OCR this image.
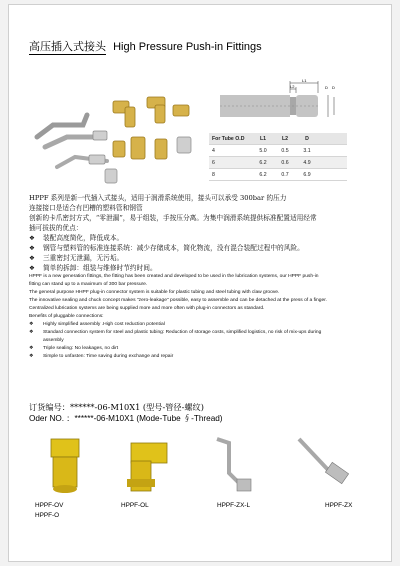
高压插入式接头 High Pressure Push-in Fittings
L1
L2	D D
For Tube O.D	L1	L2	D
4	5.0	0.5	3.1
6	6.2	0.6	4.9
8	6.2	0.7	6.9
HPPF 系列是新一代插入式接头，适用于润滑系统使用，接头可以承受 300bar 的压力
连接接口是适合有凹槽的塑料管和钢管
创新的卡爪密封方式，“零泄漏”，易于组装，手按压分离。为集中润滑系统提供标准配置适用经常
插可拔拔的优点：
❖	装配高度简化，降低成本。
❖	钢管与塑料管的标准连接系统：减少存储成本，简化物流，没有混合装配过程中的风险。
❖	三重密封无泄漏，无污垢。
❖	简单的拆卸：组装与维修时节约时间。
HPPF is a new generation fittings, the fitting has been created and developed to be used in the lubrication systems, our HPPF push-in
fitting can stand up to a maximum of 300 bar pressure.
The general purpose HHPF plug-in connector system is suitable for plastic tubing and steel tubing with claw groove.
The innovative sealing and chuck concept makes "zero-leakage" possible, easy to assemble and can be detached at the press of a finger.
Centralized lubrication systems are being supplied more and more often with plug-in connectors as standard.
Benefits of pluggable connections:
❖	Highly simplified assembly .High cost reduction potential
❖	Standard connection system for steel and plastic tubing: Reduction of storage costs, simplified logistics, no risk of mix-ups during
assembly
❖	Triple sealing: No leakages, no dirt
❖	Simple to unfasten: Time saving during exchange and repair
订货编号：******-06-M10X1 (型号-管径-螺纹)
Oder NO. ：******-06-M10X1 (Mode-Tube ∮-Thread)
HPPF-OV
HPPF-O
HPPF-OL	HPPF-ZX-L	HPPF-ZX
